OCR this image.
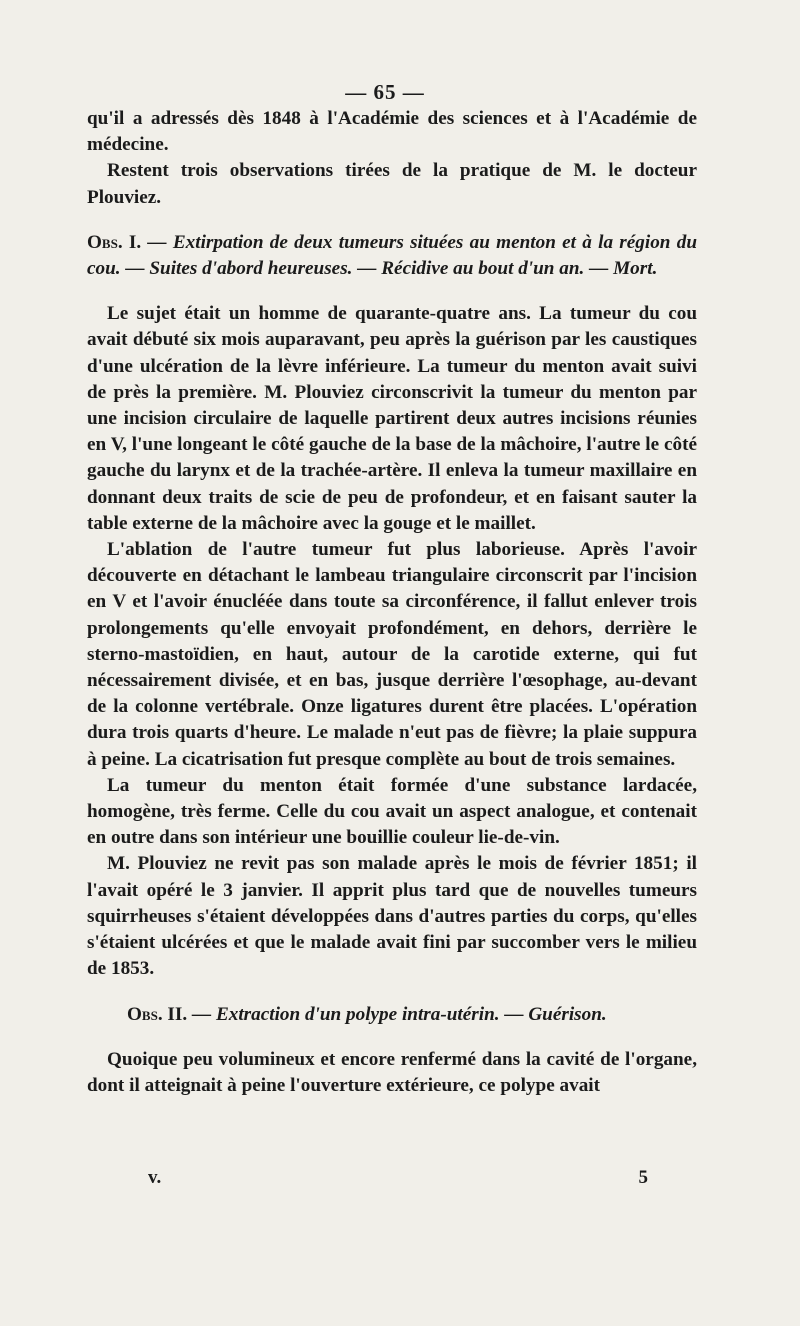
— 65 —

qu'il a adressés dès 1848 à l'Académie des sciences et à l'Académie de médecine.

Restent trois observations tirées de la pratique de M. le docteur Plouviez.

Obs. I. — Extirpation de deux tumeurs situées au menton et à la région du cou. — Suites d'abord heureuses. — Récidive au bout d'un an. — Mort.

Le sujet était un homme de quarante-quatre ans. La tumeur du cou avait débuté six mois auparavant, peu après la guérison par les caustiques d'une ulcération de la lèvre inférieure. La tumeur du menton avait suivi de près la première. M. Plouviez circonscrivit la tumeur du menton par une incision circulaire de laquelle partirent deux autres incisions réunies en V, l'une longeant le côté gauche de la base de la mâchoire, l'autre le côté gauche du larynx et de la trachée-artère. Il enleva la tumeur maxillaire en donnant deux traits de scie de peu de profondeur, et en faisant sauter la table externe de la mâchoire avec la gouge et le maillet.

L'ablation de l'autre tumeur fut plus laborieuse. Après l'avoir découverte en détachant le lambeau triangulaire circonscrit par l'incision en V et l'avoir énucléée dans toute sa circonférence, il fallut enlever trois prolongements qu'elle envoyait profondément, en dehors, derrière le sterno-mastoïdien, en haut, autour de la carotide externe, qui fut nécessairement divisée, et en bas, jusque derrière l'œsophage, au-devant de la colonne vertébrale. Onze ligatures durent être placées. L'opération dura trois quarts d'heure. Le malade n'eut pas de fièvre; la plaie suppura à peine. La cicatrisation fut presque complète au bout de trois semaines.

La tumeur du menton était formée d'une substance lardacée, homogène, très ferme. Celle du cou avait un aspect analogue, et contenait en outre dans son intérieur une bouillie couleur lie-de-vin.

M. Plouviez ne revit pas son malade après le mois de février 1851; il l'avait opéré le 3 janvier. Il apprit plus tard que de nouvelles tumeurs squirrheuses s'étaient développées dans d'autres parties du corps, qu'elles s'étaient ulcérées et que le malade avait fini par succomber vers le milieu de 1853.

Obs. II. — Extraction d'un polype intra-utérin. — Guérison.

Quoique peu volumineux et encore renfermé dans la cavité de l'organe, dont il atteignait à peine l'ouverture extérieure, ce polype avait

v.	5
